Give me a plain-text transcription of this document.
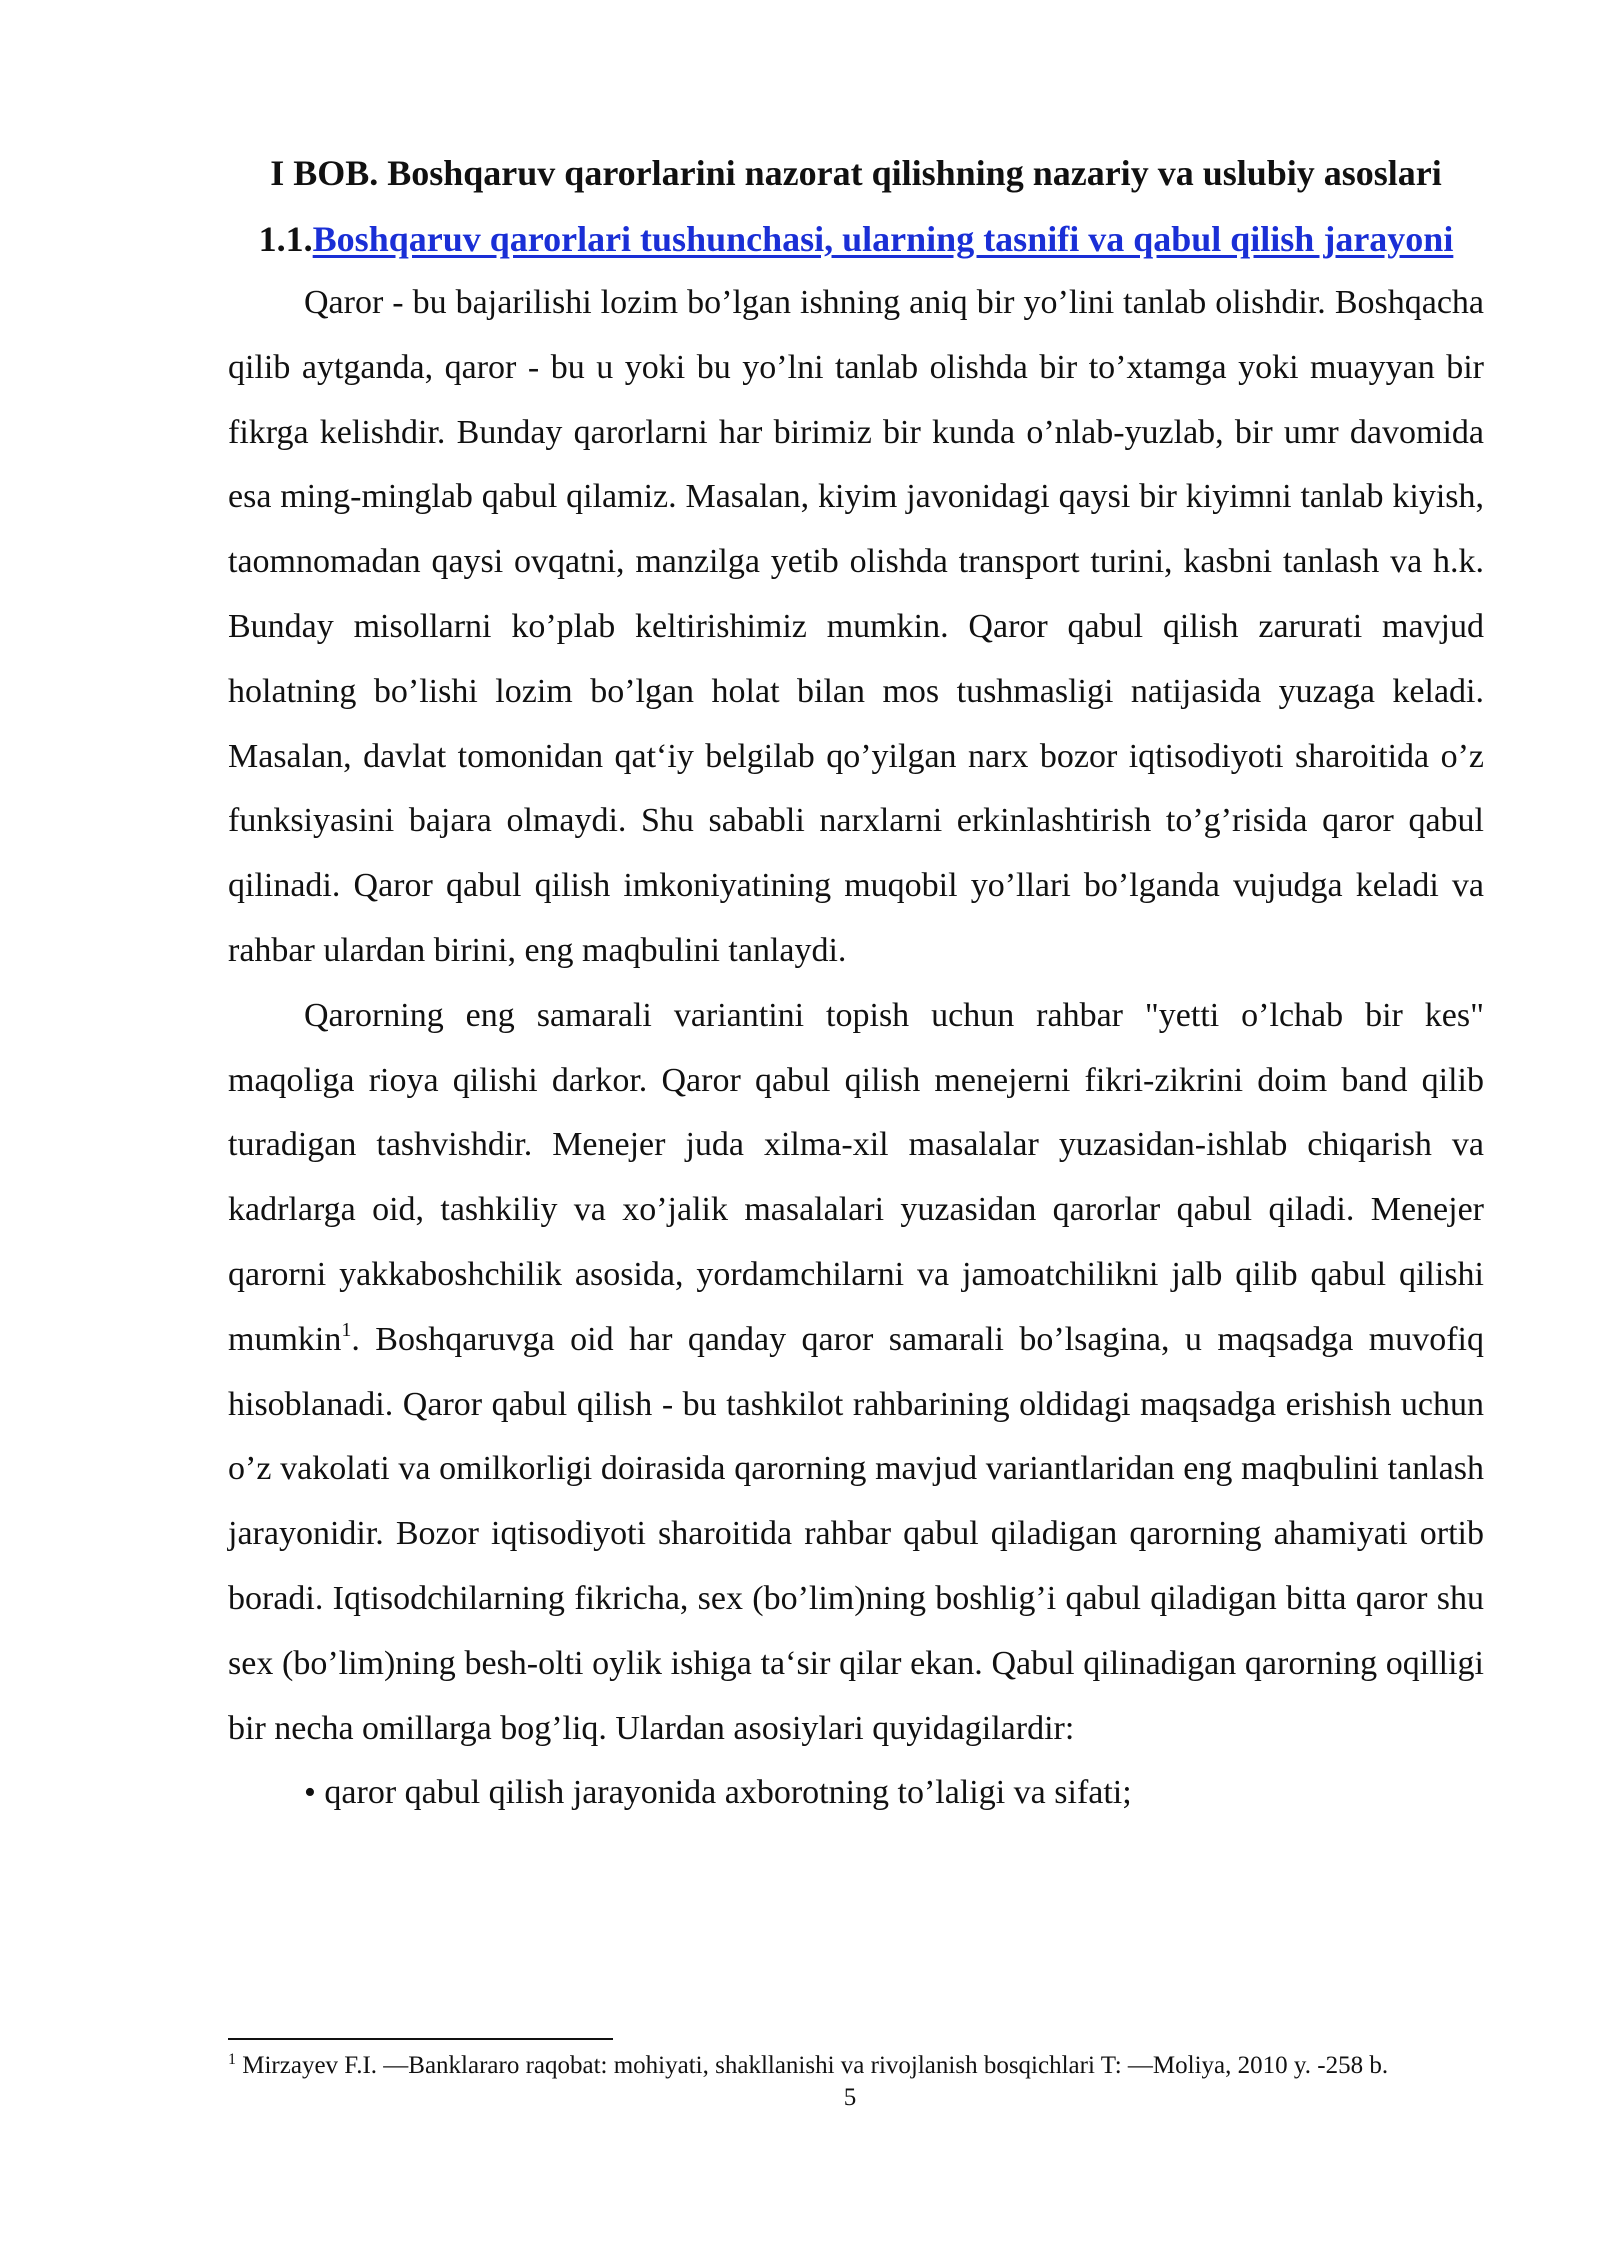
I BOB. Boshqaruv qarorlarini nazorat qilishning nazariy va uslubiy asoslari
1.1.Boshqaruv qarorlari tushunchasi, ularning tasnifi va qabul qilish jarayoni

Qaror - bu bajarilishi lozim bo’lgan ishning aniq bir yo’lini tanlab olishdir. Boshqacha qilib aytganda, qaror - bu u yoki bu yo’lni tanlab olishda bir to’xtamga yoki muayyan bir fikrga kelishdir. Bunday qarorlarni har birimiz bir kunda o’nlab-yuzlab, bir umr davomida esa ming-minglab qabul qilamiz. Masalan, kiyim javonidagi qaysi bir kiyimni tanlab kiyish, taomnomadan qaysi ovqatni, manzilga yetib olishda transport turini, kasbni tanlash va h.k. Bunday misollarni ko’plab keltirishimiz mumkin. Qaror qabul qilish zarurati mavjud holatning bo’lishi lozim bo’lgan holat bilan mos tushmasligi natijasida yuzaga keladi. Masalan, davlat tomonidan qat‘iy belgilab qo’yilgan narx bozor iqtisodiyoti sharoitida o’z funksiyasini bajara olmaydi. Shu sababli narxlarni erkinlashtirish to’g’risida qaror qabul qilinadi. Qaror qabul qilish imkoniyatining muqobil yo’llari bo’lganda vujudga keladi va rahbar ulardan birini, eng maqbulini tanlaydi.

Qarorning eng samarali variantini topish uchun rahbar "yetti o’lchab bir kes" maqoliga rioya qilishi darkor. Qaror qabul qilish menejerni fikri-zikrini doim band qilib turadigan tashvishdir. Menejer juda xilma-xil masalalar yuzasidan-ishlab chiqarish va kadrlarga oid, tashkiliy va xo’jalik masalalari yuzasidan qarorlar qabul qiladi. Menejer qarorni yakkaboshchilik asosida, yordamchilarni va jamoatchilikni jalb qilib qabul qilishi mumkin$^1$. Boshqaruvga oid har qanday qaror samarali bo’lsagina, u maqsadga muvofiq hisoblanadi. Qaror qabul qilish - bu tashkilot rahbarining oldidagi maqsadga erishish uchun o’z vakolati va omilkorligi doirasida qarorning mavjud variantlaridan eng maqbulini tanlash jarayonidir. Bozor iqtisodiyoti sharoitida rahbar qabul qiladigan qarorning ahamiyati ortib boradi. Iqtisodchilarning fikricha, sex (bo’lim)ning boshlig’i qabul qiladigan bitta qaror shu sex (bo’lim)ning besh-olti oylik ishiga ta‘sir qilar ekan. Qabul qilinadigan qarorning oqilligi bir necha omillarga bog’liq. Ulardan asosiylari quyidagilardir:

• qaror qabul qilish jarayonida axborotning to’laligi va sifati;

$^1$ Mirzayev F.I. ―Banklararo raqobat: mohiyati, shakllanishi va rivojlanish bosqichlari T: ―Moliya, 2010 y. -258 b.
5
